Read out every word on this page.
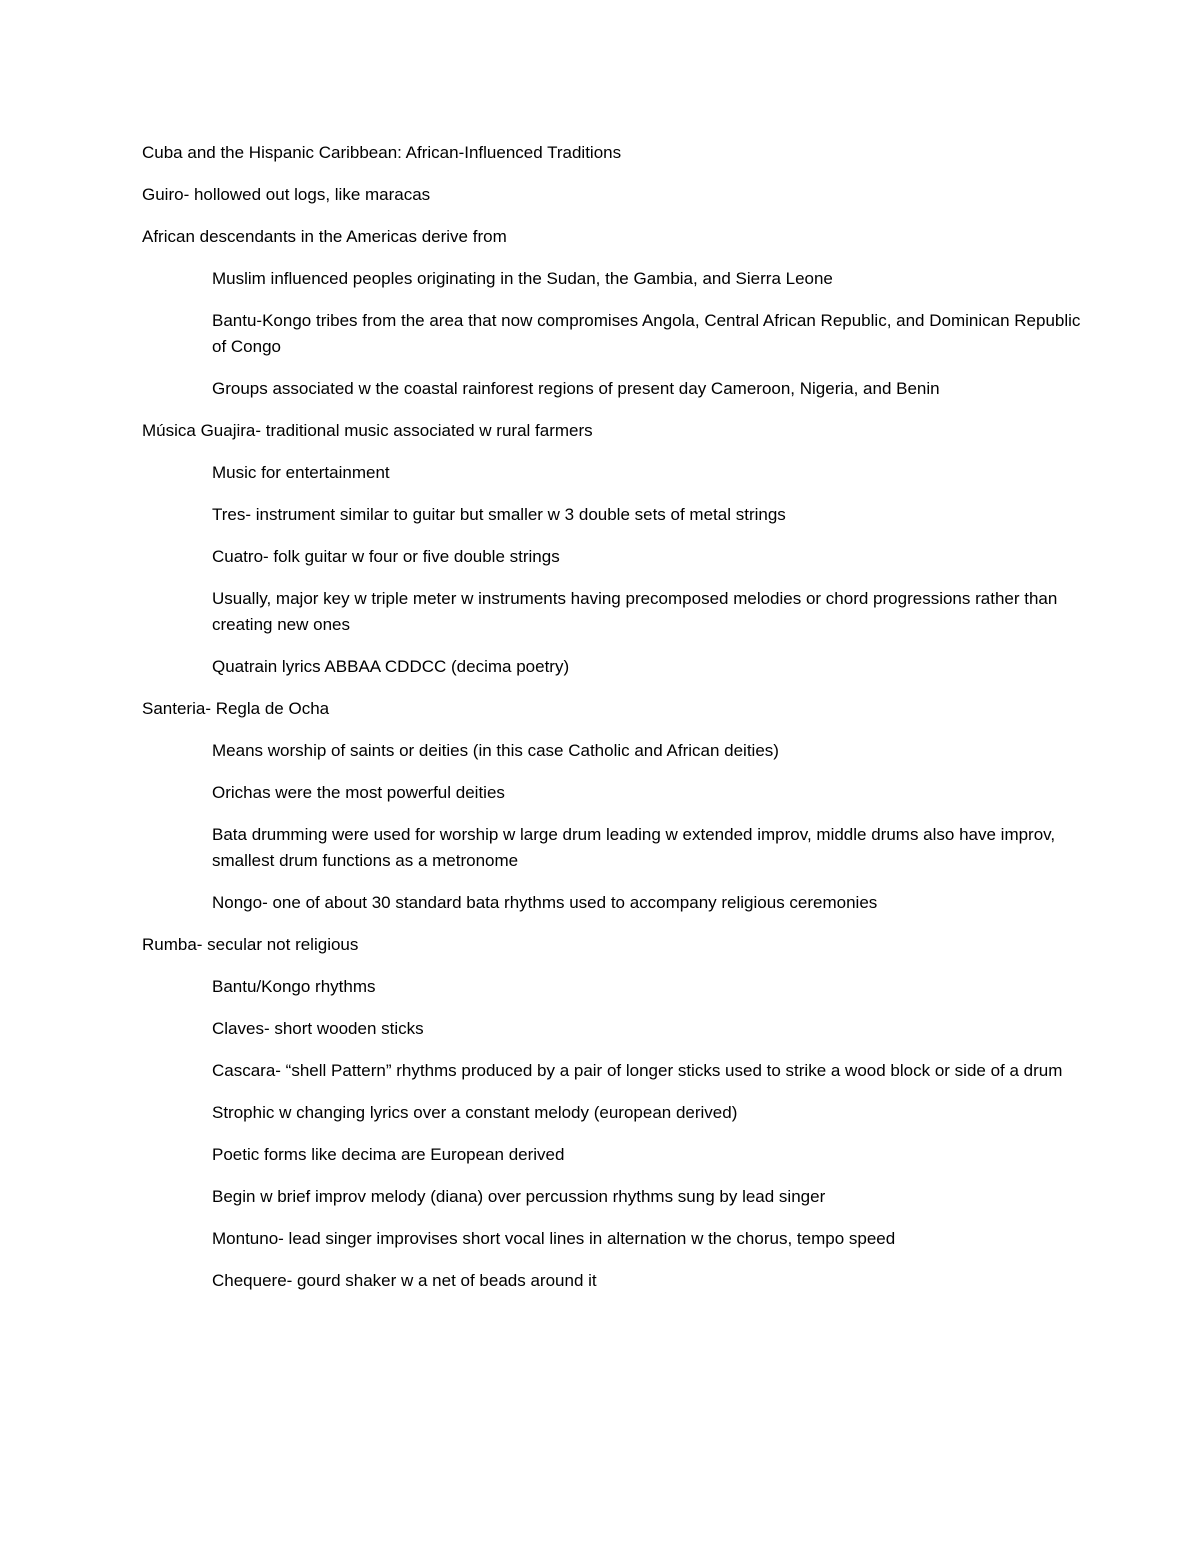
Cuba and the Hispanic Caribbean: African-Influenced Traditions

Guiro- hollowed out logs, like maracas

African descendants in the Americas derive from

Muslim influenced peoples originating in the Sudan, the Gambia, and Sierra Leone

Bantu-Kongo tribes from the area that now compromises Angola, Central African Republic, and Dominican Republic of Congo

Groups associated w the coastal rainforest regions of present day Cameroon, Nigeria, and Benin

Música Guajira- traditional music associated w rural farmers

Music for entertainment

Tres- instrument similar to guitar but smaller w 3 double sets of metal strings

Cuatro- folk guitar w four or five double strings

Usually, major key w triple meter w instruments having precomposed melodies or chord progressions rather than creating new ones

Quatrain lyrics ABBAA CDDCC (decima poetry)

Santeria- Regla de Ocha

Means worship of saints or deities (in this case Catholic and African deities)

Orichas were the most powerful deities

Bata drumming were used for worship w large drum leading w extended improv, middle drums also have improv, smallest drum functions as a metronome

Nongo- one of about 30 standard bata rhythms used to accompany religious ceremonies

Rumba- secular not religious

Bantu/Kongo rhythms

Claves- short wooden sticks

Cascara- “shell Pattern” rhythms produced by a pair of longer sticks used to strike a wood block or side of a drum

Strophic w changing lyrics over a constant melody (european derived)

Poetic forms like decima are European derived

Begin w brief improv melody (diana) over percussion rhythms sung by lead singer

Montuno- lead singer improvises short vocal lines in alternation w the chorus, tempo speed

Chequere- gourd shaker w a net of beads around it
